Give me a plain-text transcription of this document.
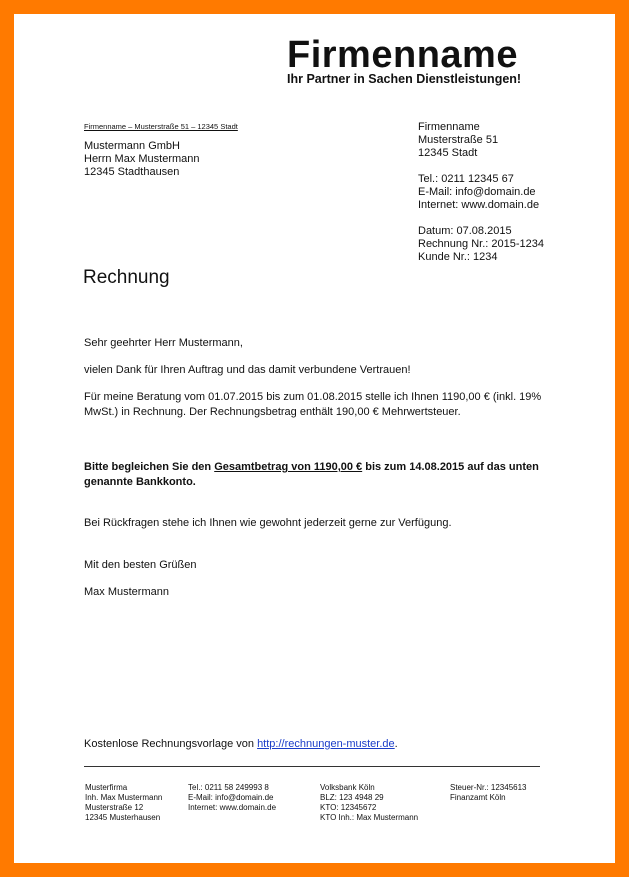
Firmenname
Ihr Partner in Sachen Dienstleistungen!
Firmenname – Musterstraße 51 – 12345 Stadt
Mustermann GmbH
Herrn Max Mustermann
12345 Stadthausen
Firmenname
Musterstraße 51
12345 Stadt
Tel.: 0211 12345 67
E-Mail: info@domain.de
Internet: www.domain.de
Datum: 07.08.2015
Rechnung Nr.: 2015-1234
Kunde Nr.: 1234
Rechnung
Sehr geehrter Herr Mustermann,
vielen Dank für Ihren Auftrag und das damit verbundene Vertrauen!
Für meine Beratung vom 01.07.2015 bis zum 01.08.2015 stelle ich Ihnen 1190,00 € (inkl. 19% MwSt.) in Rechnung. Der Rechnungsbetrag enthält 190,00 € Mehrwertsteuer.
Bitte begleichen Sie den Gesamtbetrag von 1190,00 € bis zum 14.08.2015 auf das unten genannte Bankkonto.
Bei Rückfragen stehe ich Ihnen wie gewohnt jederzeit gerne zur Verfügung.
Mit den besten Grüßen
Max Mustermann
Kostenlose Rechnungsvorlage von http://rechnungen-muster.de.
Musterfirma
Inh. Max Mustermann
Musterstraße 12
12345 Musterhausen
Tel.: 0211 58 249993 8
E-Mail: info@domain.de
Internet: www.domain.de
Volksbank Köln
BLZ: 123 4948 29
KTO: 12345672
KTO Inh.: Max Mustermann
Steuer-Nr.: 12345613
Finanzamt Köln
